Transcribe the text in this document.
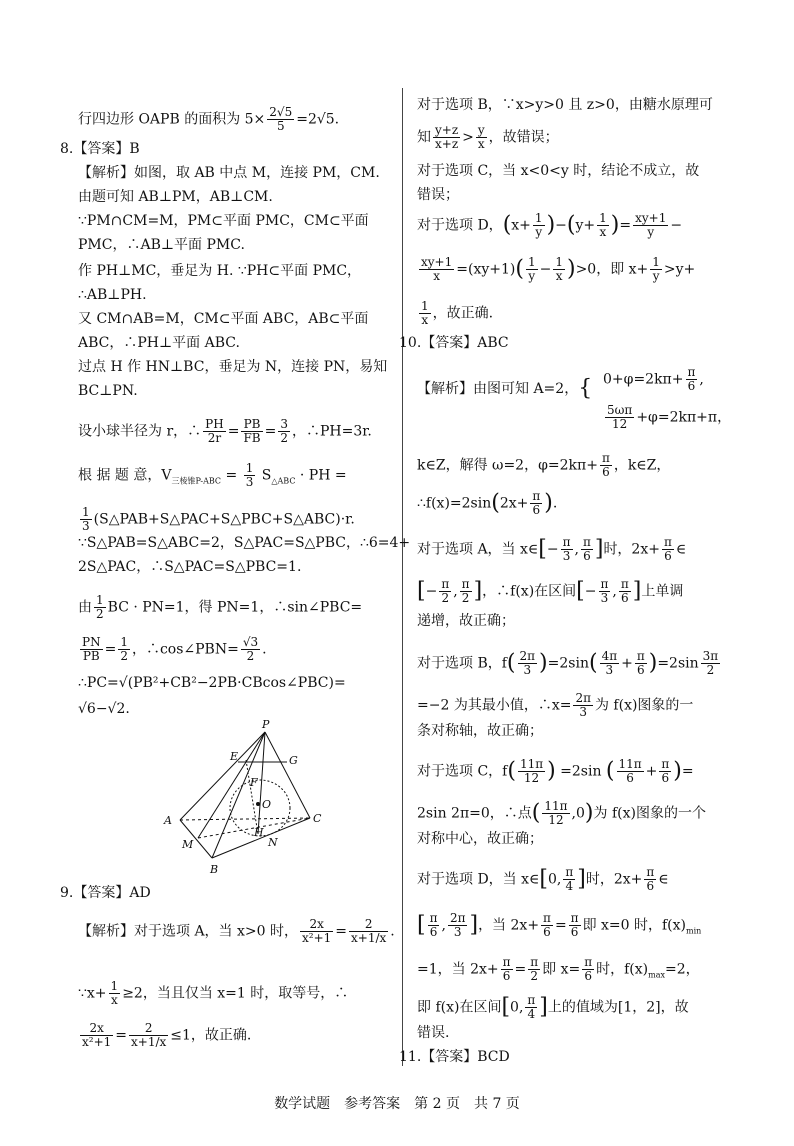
行四边形 OAPB 的面积为 $5\times \frac{2√5}{5} =2√5$.
8.【答案】B
【解析】如图，取 AB 中点 M，连接 PM，CM.
由题可知 AB⊥PM，AB⊥CM.
∵PM∩CM=M，PM⊂平面 PMC，CM⊂平面
PMC，∴AB⊥平面 PMC.
作 PH⊥MC，垂足为 H. ∵PH⊂平面 PMC，
∴AB⊥PH.
又 CM∩AB=M，CM⊂平面 ABC，AB⊂平面
ABC，∴PH⊥平面 ABC.
过点 H 作 HN⊥BC，垂足为 N，连接 PN，易知
BC⊥PN.
设小球半径为 r，∴ $\frac{PH}{2r} = \frac{PB}{FB} = \frac{3}{2}$ ，∴PH=3r.
根 据 题 意，$V_{三棱锥P-ABC} = \frac{1}{3} S_{\triangle ABC}$ · PH =
$\frac{1}{3}$ (S△PAB+S△PAC+S△PBC+S△ABC)·r.
∵S△PAB=S△ABC=2，S△PAC=S△PBC，∴6=4+
2S△PAC，∴S△PAC=S△PBC=1.
由 $\frac{1}{2}$ BC · PN=1，得 PN=1，∴sin∠PBC=
$\frac{PN}{PB} = \frac{1}{2}$ ，∴cos∠PBN= $\frac{√3}{2}$ .
∴PC=√(PB²+CB²−2PB·CBcos∠PBC)=
√6−√2.
9.【答案】AD
【解析】对于选项 A，当 x>0 时， $\frac{2x}{\text{x²+1}} = \frac{2}{x+1/x}$ .
∵x+ $\frac{1}{x} \ge 2$，当且仅当 x=1 时，取等号，∴
$\frac{2x}{\text{x²+1}} = \frac{2}{x+1/x} \le 1$，故正确.
P
E	G
F
O
A	C
M
H
N
B
对于选项 B，∵x>y>0 且 z>0，由糖水原理可
知 $\frac{y+z}{x+z} > \frac{y}{x}$ ，故错误；
对于选项 C，当 x<0<y 时，结论不成立，故
错误；
对于选项 D，$(x+ \frac{1}{y} )-(y+ \frac{1}{x}$ )= $\frac{xy+1}{y}$ −
$\frac{xy+1}{x} =(xy+1)( \frac{1}{y} - \frac{1}{x} )>0$，即 $x+ \frac{1}{y} >y+$
$\frac{1}{x}$ ，故正确.
10.【答案】ABC
【解析】由图可知 A=2，{ $0+\varphi=2k\pi+ \frac{\pi}{6}$ ,
$\frac{5\omega\pi}{12} +\varphi=2k\pi+\pi$，
k∈Z，解得 ω=2，$\varphi=2k\pi+ \frac{\pi}{6}$ ，k∈Z，
∴f(x)=2sin(2x+ $\frac{\pi}{6}$ ).
对于选项 A，当 x∈[− $\frac{\pi}{3}$ , $\frac{\pi}{6}$ ]时，$2x+ \frac{\pi}{6}$ ∈
[− $\frac{\pi}{2}$ , $\frac{\pi}{2}$ ]，∴f(x)在区间[− $\frac{\pi}{3}$ , $\frac{\pi}{6}$ ]上单调
递增，故正确；
对于选项 B，$f( \frac{2\pi}{3} )=2\sin( \frac{4\pi}{3} + \frac{\pi}{6} )=2\sin \frac{3\pi}{2}$
=−2 为其最小值，∴x= $\frac{2\pi}{3}$ 为 f(x)图象的一
条对称轴，故正确；
对于选项 C，$f( \frac{11\pi}{12}$ ) =2sin ( $\frac{11\pi}{6} + \frac{\pi}{6}$ )=
2sin 2π=0，∴点( $\frac{11\pi}{12} ,0$)为 f(x)图象的一个
对称中心，故正确；
对于选项 D，当 x∈[0, $\frac{\pi}{4}$ ]时，$2x+ \frac{\pi}{6}$ ∈
[ $\frac{\pi}{6}$ , $\frac{2\pi}{3}$ ]，当 $2x+ \frac{\pi}{6} = \frac{\pi}{6}$ 即 x=0 时，$f(x)_{min}$
=1，当 $2x+ \frac{\pi}{6} = \frac{\pi}{2}$ 即 $x= \frac{\pi}{6}$ 时，$f(x)_{max}=2$，
即 f(x)在区间[0, $\frac{\pi}{4}$ ]上的值域为[1，2]，故
错误.
11.【答案】BCD
数学试题　参考答案　第 2 页　共 7 页
